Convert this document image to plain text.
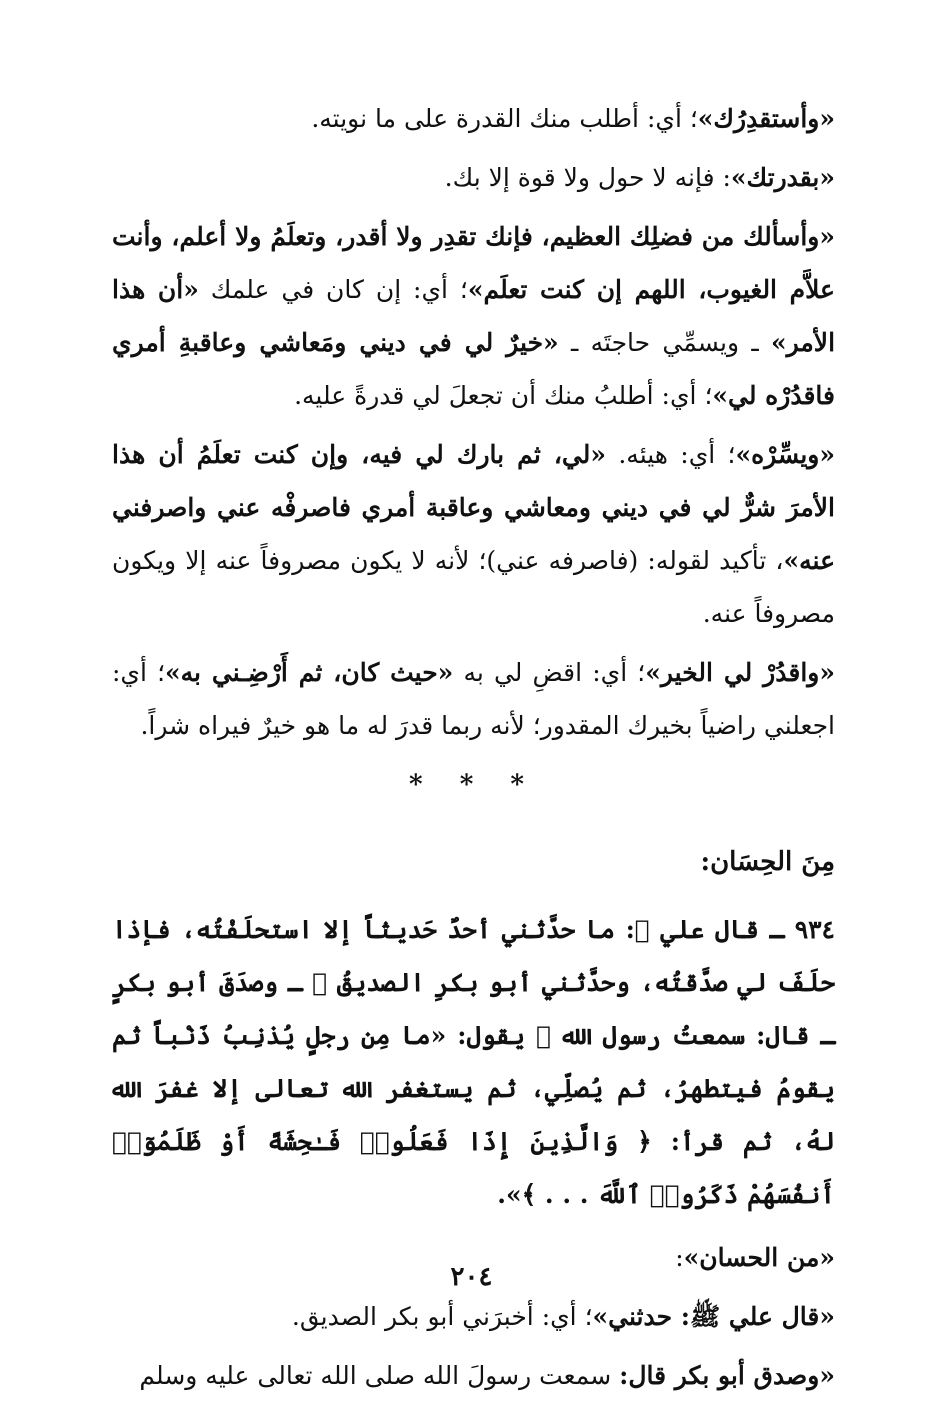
«وأستقدِرُك»؛ أي: أطلب منك القدرة على ما نويته.

«بقدرتك»: فإنه لا حول ولا قوة إلا بك.

«وأسألك من فضلِك العظيم، فإنك تقدِر ولا أقدر، وتعلَمُ ولا أعلم، وأنت علاَّم الغيوب، اللهم إن كنت تعلَم»؛ أي: إن كان في علمك «أن هذا الأمر» ـ ويسمِّي حاجتَه ـ «خيرٌ لي في ديني ومَعاشي وعاقبةِ أمري فاقدُرْه لي»؛ أي: أطلبُ منك أن تجعلَ لي قدرةً عليه.

«ويسِّرْه»؛ أي: هيئه. «لي، ثم بارك لي فيه، وإن كنت تعلَمُ أن هذا الأمرَ شرٌّ لي في ديني ومعاشي وعاقبة أمري فاصرفْه عني واصرفني عنه»، تأكيد لقوله: (فاصرفه عني)؛ لأنه لا يكون مصروفاً عنه إلا ويكون مصروفاً عنه.

«واقدُرْ لي الخير»؛ أي: اقضِ لي به «حيث كان، ثم أَرْضِـني به»؛ أي: اجعلني راضياً بخيرك المقدور؛ لأنه ربما قدرَ له ما هو خيرٌ فيراه شراً.

* * *
مِنَ الحِسَان:

٩٣٤ ـ قال علي ﷺ: ما حدَّثني أحدٌ حَديثاً إلا استحلَفْتُه، فإذا حلَفَ لي صدَّقتُه، وحدَّثني أبو بكرِ الصديقُ ﷺ ـ وصدَقَ أبو بكرٍ ـ قال: سمعتُ رسول الله ﷺ يقول: «ما مِن رجلٍ يُذنِبُ ذَنْباً ثم يقومُ فيتطهرُ، ثم يُصلِّي، ثم يستغفر الله تعالى إلا غفرَ الله لهُ، ثم قرأ: ﴿ وَالَّذِينَ إِذَا فَعَلُوا۟ فَـٰحِشَةً أَوْ ظَلَمُوٓا۟ أَنفُسَهُمْ ذَكَرُوا۟ ٱللَّهَ . . . ﴾».

«من الحسان»:

«قال علي ﷺ: حدثني»؛ أي: أخبرَني أبو بكر الصديق.

«وصدق أبو بكر قال: سمعت رسولَ الله صلى الله تعالى عليه وسلم

٢٠٤
